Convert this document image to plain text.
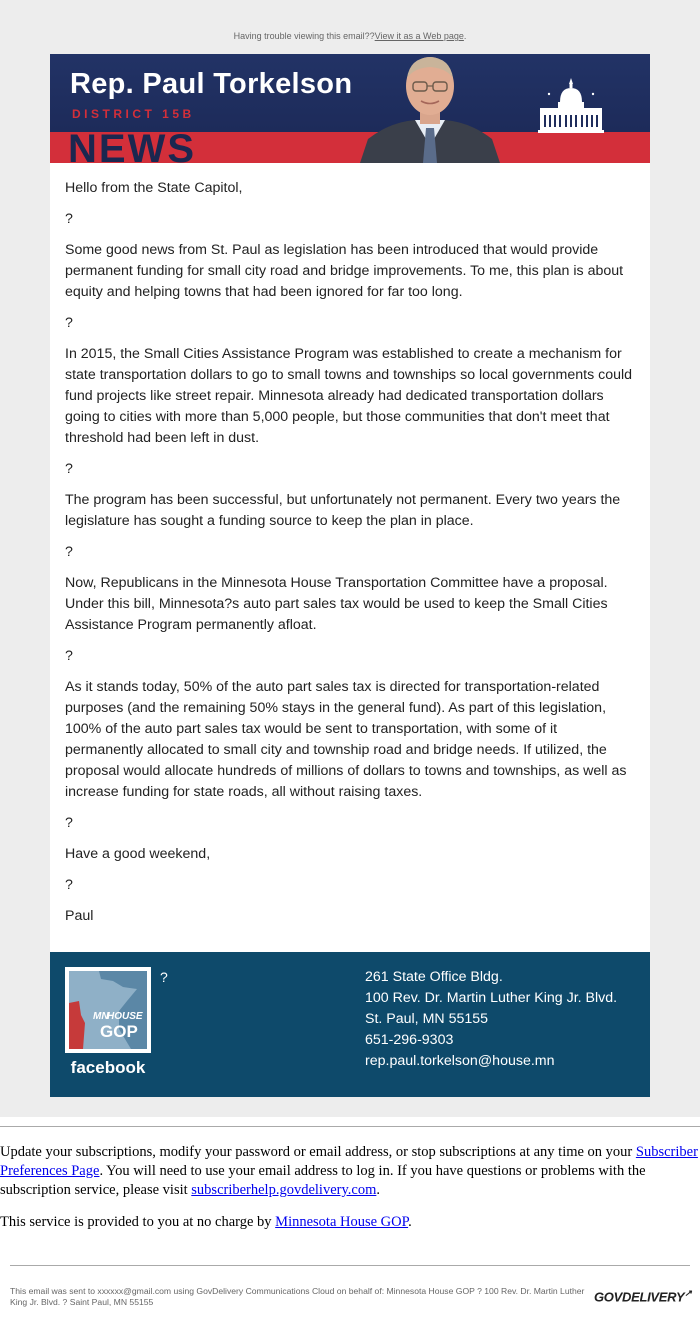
Having trouble viewing this email??View it as a Web page.
NEWS
Rep. Paul Torkelson
DISTRICT 15B

Hello from the State Capitol,

?

Some good news from St. Paul as legislation has been introduced that would provide permanent funding for small city road and bridge improvements. To me, this plan is about equity and helping towns that had been ignored for far too long.

?

In 2015, the Small Cities Assistance Program was established to create a mechanism for state transportation dollars to go to small towns and townships so local governments could fund projects like street repair. Minnesota already had dedicated transportation dollars going to cities with more than 5,000 people, but those communities that don't meet that threshold had been left in dust.

?

The program has been successful, but unfortunately not permanent. Every two years the legislature has sought a funding source to keep the plan in place.

?

Now, Republicans in the Minnesota House Transportation Committee have a proposal. Under this bill, Minnesota?s auto part sales tax would be used to keep the Small Cities Assistance Program permanently afloat.

?

As it stands today, 50% of the auto part sales tax is directed for transportation-related purposes (and the remaining 50% stays in the general fund). As part of this legislation, 100% of the auto part sales tax would be sent to transportation, with some of it permanently allocated to small city and township road and bridge needs. If utilized, the proposal would allocate hundreds of millions of dollars to towns and townships, as well as increase funding for state roads, all without raising taxes.

?

Have a good weekend,

?

Paul

MN
HOUSE
GOP
facebook
?	261 State Office Bldg.
100 Rev. Dr. Martin Luther King Jr. Blvd.
St. Paul, MN 55155
651-296-9303
rep.paul.torkelson@house.mn
Update your subscriptions, modify your password or email address, or stop subscriptions at any time on your Subscriber Preferences Page. You will need to use your email address to log in. If you have questions or problems with the subscription service, please visit subscriberhelp.govdelivery.com.
This service is provided to you at no charge by Minnesota House GOP.
This email was sent to xxxxxx@gmail.com using GovDelivery Communications Cloud on behalf of: Minnesota House GOP ? 100 Rev. Dr. Martin Luther King Jr. Blvd. ? Saint Paul, MN 55155	GOVDELIVERY↗
